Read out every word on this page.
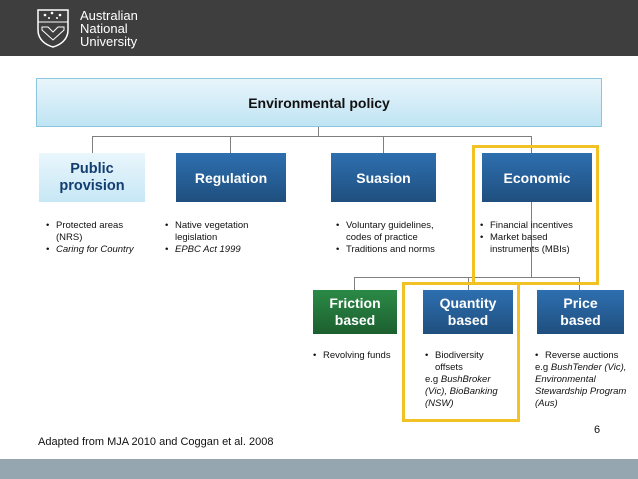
Australian
National
University
Environmental policy
Public provision	Regulation	Suasion	Economic
• Protected areas (NRS)
• Caring for Country
• Native vegetation legislation
• EPBC Act 1999
• Voluntary guidelines, codes of practice
• Traditions and norms
• Financial incentives
• Market based instruments (MBIs)
Friction based
Quantity based
Price based
• Revolving funds
•	Biodiversity offsets
e.g BushBroker (Vic), BioBanking (NSW)
• Reverse auctions
e.g BushTender (Vic), Environmental Stewardship Program (Aus)
6
Adapted from MJA 2010 and Coggan et al. 2008
